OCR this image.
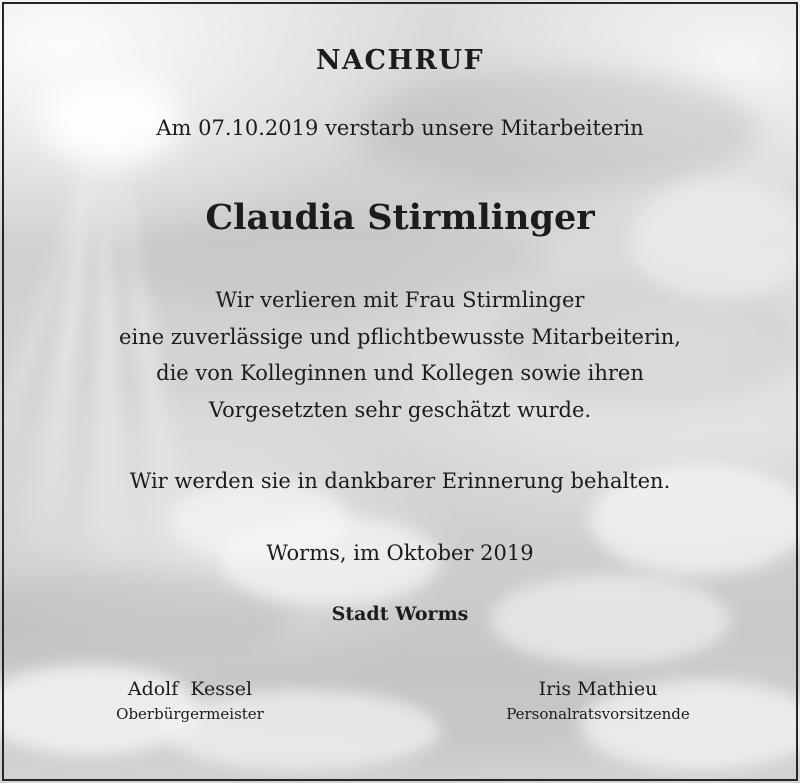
NACHRUF
Am 07.10.2019 verstarb unsere Mitarbeiterin
Claudia Stirmlinger
Wir verlieren mit Frau Stirmlinger
eine zuverlässige und pflichtbewusste Mitarbeiterin,
die von Kolleginnen und Kollegen sowie ihren
Vorgesetzten sehr geschätzt wurde.
Wir werden sie in dankbarer Erinnerung behalten.
Worms, im Oktober 2019
Stadt Worms
Adolf  Kessel
Oberbürgermeister
Iris Mathieu
Personalratsvorsitzende
